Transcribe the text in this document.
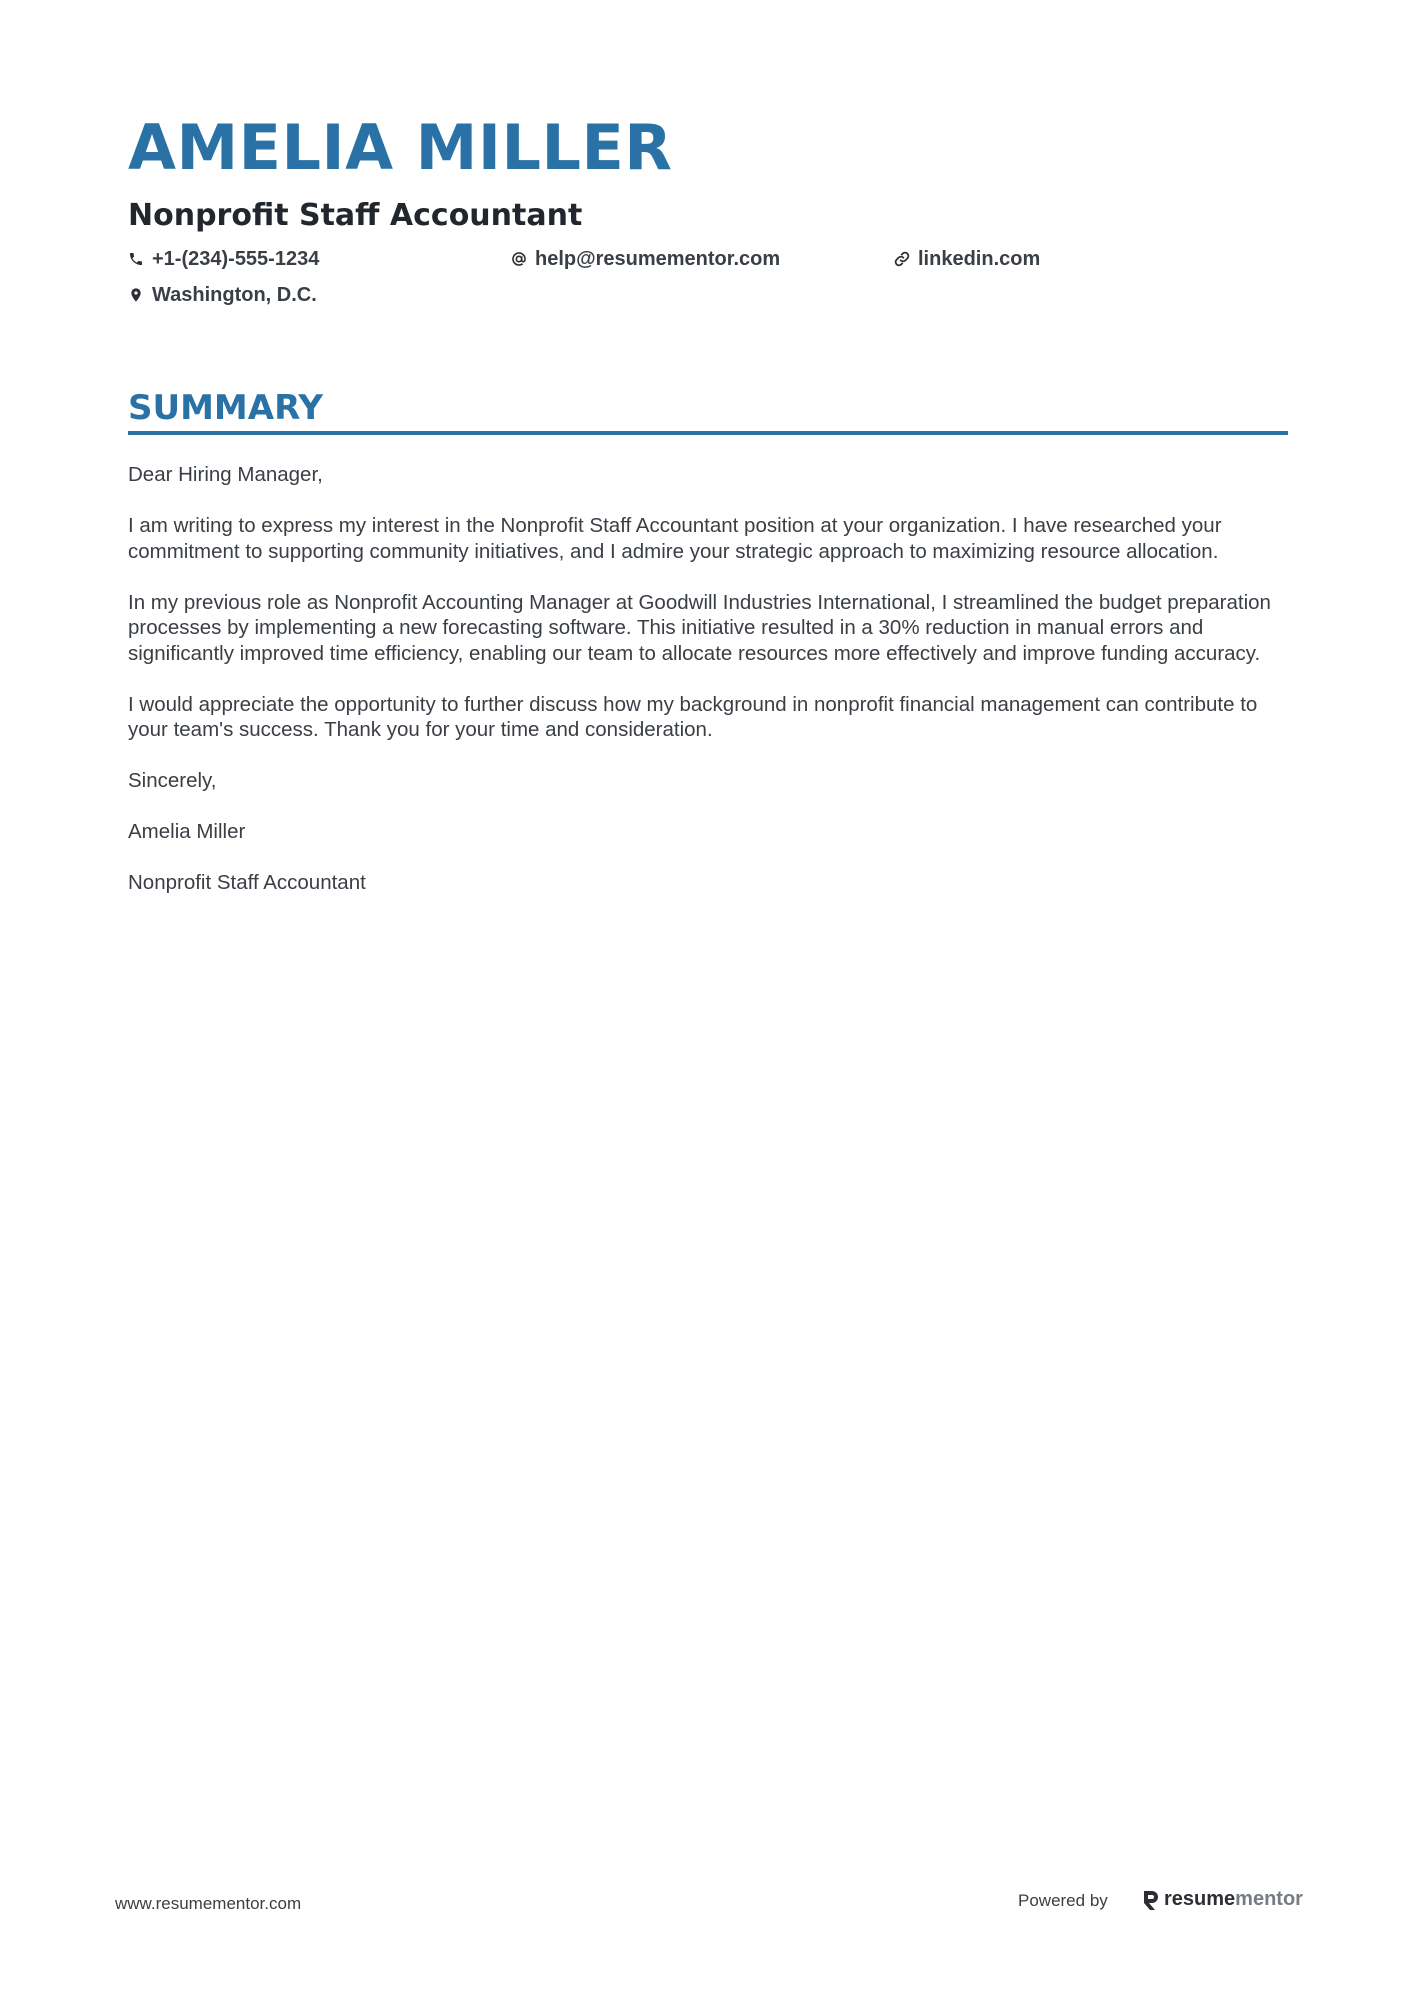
AMELIA MILLER
Nonprofit Staff Accountant
+1-(234)-555-1234	help@resumementor.com	linkedin.com
Washington, D.C.
SUMMARY

Dear Hiring Manager,

I am writing to express my interest in the Nonprofit Staff Accountant position at your organization. I have researched your commitment to supporting community initiatives, and I admire your strategic approach to maximizing resource allocation.

In my previous role as Nonprofit Accounting Manager at Goodwill Industries International, I streamlined the budget preparation processes by implementing a new forecasting software. This initiative resulted in a 30% reduction in manual errors and significantly improved time efficiency, enabling our team to allocate resources more effectively and improve funding accuracy.

I would appreciate the opportunity to further discuss how my background in nonprofit financial management can contribute to your team's success. Thank you for your time and consideration.

Sincerely,

Amelia Miller

Nonprofit Staff Accountant

www.resumementor.com	Powered by	resume mentor
